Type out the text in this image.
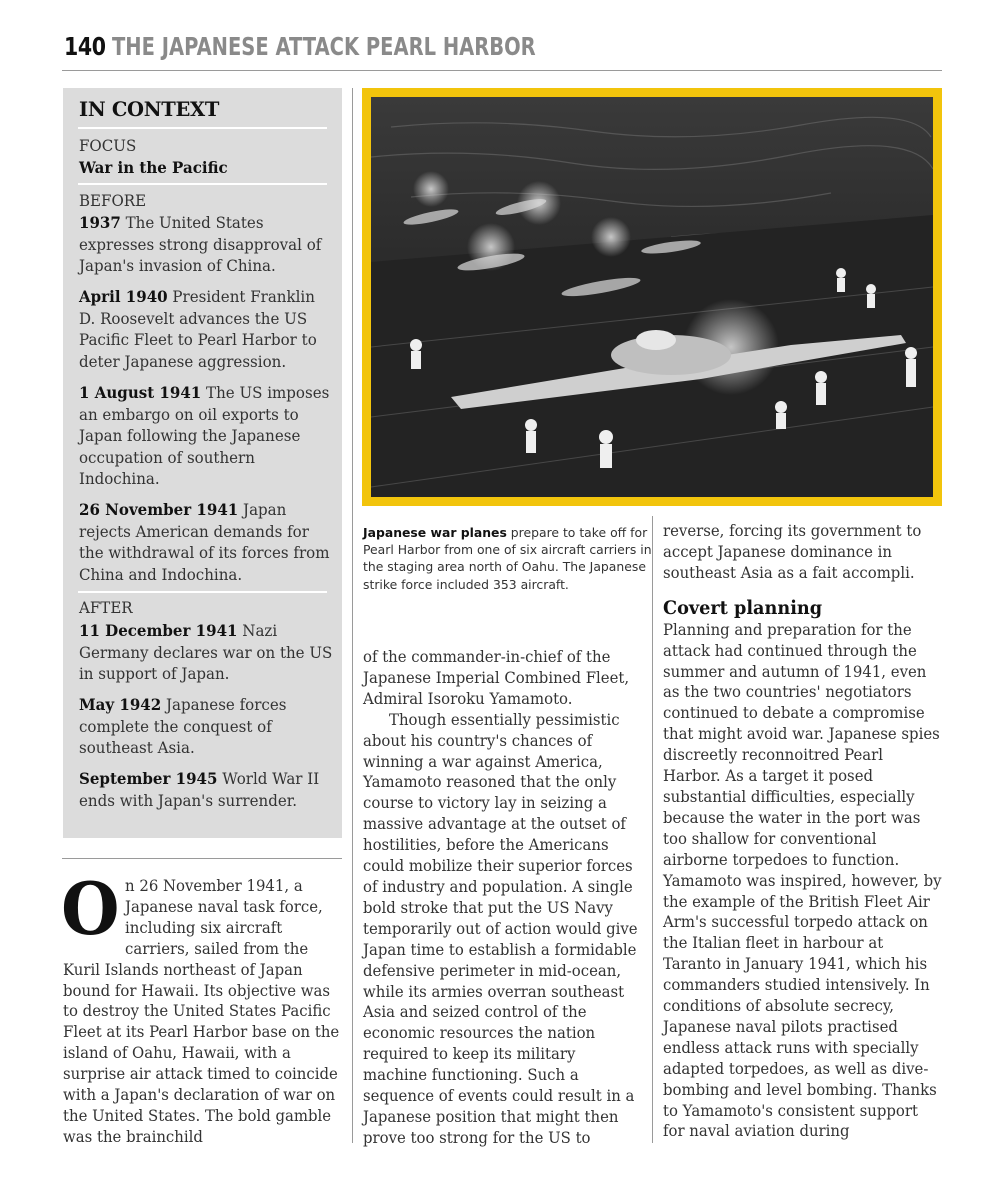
140 THE JAPANESE ATTACK PEARL HARBOR
IN CONTEXT
FOCUS
War in the Pacific
BEFORE
1937 The United States expresses strong disapproval of Japan's invasion of China.
April 1940 President Franklin D. Roosevelt advances the US Pacific Fleet to Pearl Harbor to deter Japanese aggression.
1 August 1941 The US imposes an embargo on oil exports to Japan following the Japanese occupation of southern Indochina.
26 November 1941 Japan rejects American demands for the withdrawal of its forces from China and Indochina.
AFTER
11 December 1941 Nazi Germany declares war on the US in support of Japan.
May 1942 Japanese forces complete the conquest of southeast Asia.
September 1945 World War II ends with Japan's surrender.
Japanese war planes prepare to take off for Pearl Harbor from one of six aircraft carriers in the staging area north of Oahu. The Japanese strike force included 353 aircraft.
On 26 November 1941, a Japanese naval task force, including six aircraft carriers, sailed from the Kuril Islands northeast of Japan bound for Hawaii. Its objective was to destroy the United States Pacific Fleet at its Pearl Harbor base on the island of Oahu, Hawaii, with a surprise air attack timed to coincide with a Japan's declaration of war on the United States. The bold gamble was the brainchild

of the commander-in-chief of the Japanese Imperial Combined Fleet, Admiral Isoroku Yamamoto.

Though essentially pessimistic about his country's chances of winning a war against America, Yamamoto reasoned that the only course to victory lay in seizing a massive advantage at the outset of hostilities, before the Americans could mobilize their superior forces of industry and population. A single bold stroke that put the US Navy temporarily out of action would give Japan time to establish a formidable defensive perimeter in mid-ocean, while its armies overran southeast Asia and seized control of the economic resources the nation required to keep its military machine functioning. Such a sequence of events could result in a Japanese position that might then prove too strong for the US to

reverse, forcing its government to accept Japanese dominance in southeast Asia as a fait accompli.

Covert planning

Planning and preparation for the attack had continued through the summer and autumn of 1941, even as the two countries' negotiators continued to debate a compromise that might avoid war. Japanese spies discreetly reconnoitred Pearl Harbor. As a target it posed substantial difficulties, especially because the water in the port was too shallow for conventional airborne torpedoes to function. Yamamoto was inspired, however, by the example of the British Fleet Air Arm's successful torpedo attack on the Italian fleet in harbour at Taranto in January 1941, which his commanders studied intensively. In conditions of absolute secrecy, Japanese naval pilots practised endless attack runs with specially adapted torpedoes, as well as dive-bombing and level bombing. Thanks to Yamamoto's consistent support for naval aviation during
